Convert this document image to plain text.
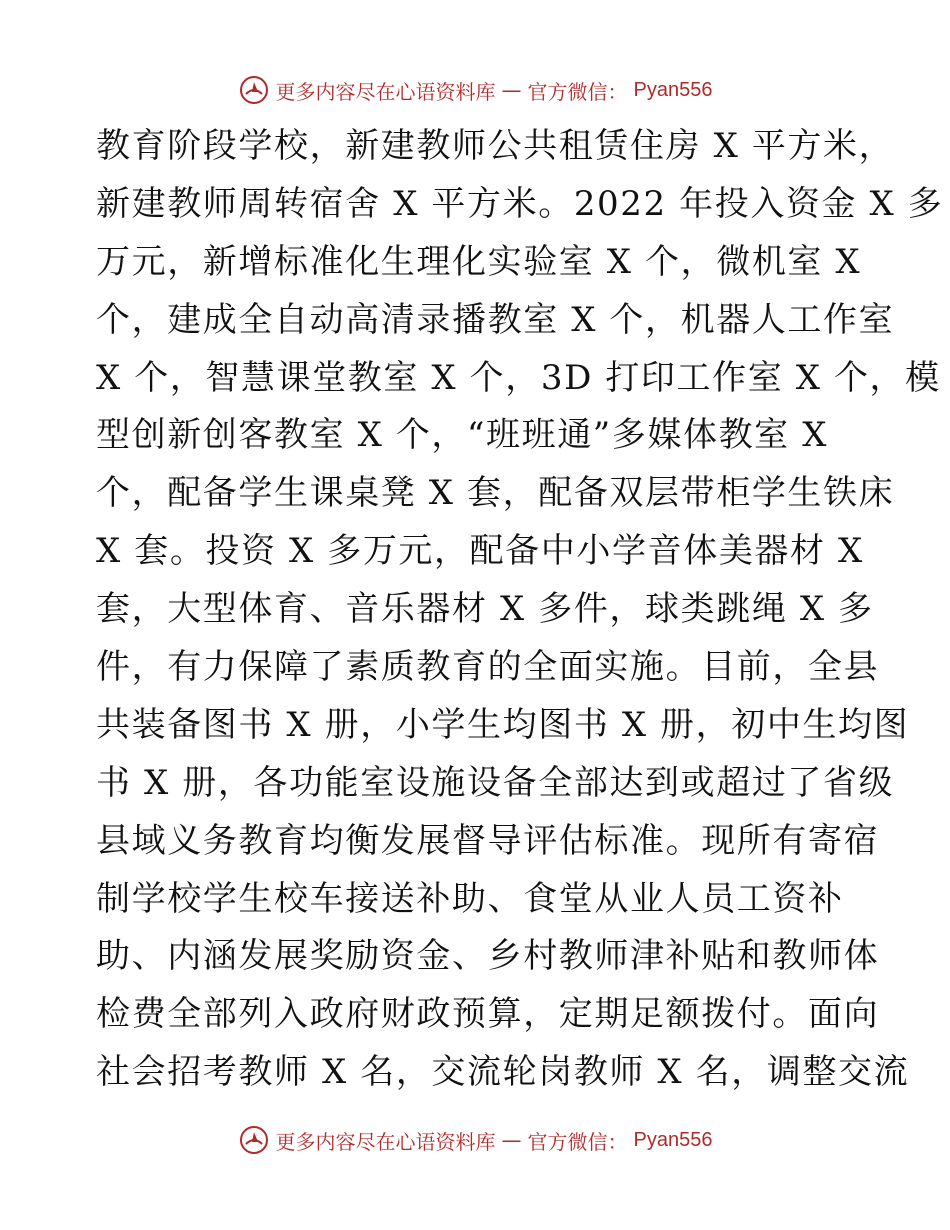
更多内容尽在心语资料库 — 官方微信： Pyan556
教育阶段学校，新建教师公共租赁住房 X 平方米，
新建教师周转宿舍 X 平方米。2022 年投入资金 X 多
万元，新增标准化生理化实验室 X 个，微机室 X
个，建成全自动高清录播教室 X 个，机器人工作室
X 个，智慧课堂教室 X 个，3D 打印工作室 X 个，模
型创新创客教室 X 个，“班班通”多媒体教室 X
个，配备学生课桌凳 X 套，配备双层带柜学生铁床
X 套。投资 X 多万元，配备中小学音体美器材 X
套，大型体育、音乐器材 X 多件，球类跳绳 X 多
件，有力保障了素质教育的全面实施。目前，全县
共装备图书 X 册，小学生均图书 X 册，初中生均图
书 X 册，各功能室设施设备全部达到或超过了省级
县域义务教育均衡发展督导评估标准。现所有寄宿
制学校学生校车接送补助、食堂从业人员工资补
助、内涵发展奖励资金、乡村教师津补贴和教师体
检费全部列入政府财政预算，定期足额拨付。面向
社会招考教师 X 名，交流轮岗教师 X 名，调整交流
更多内容尽在心语资料库 — 官方微信： Pyan556
